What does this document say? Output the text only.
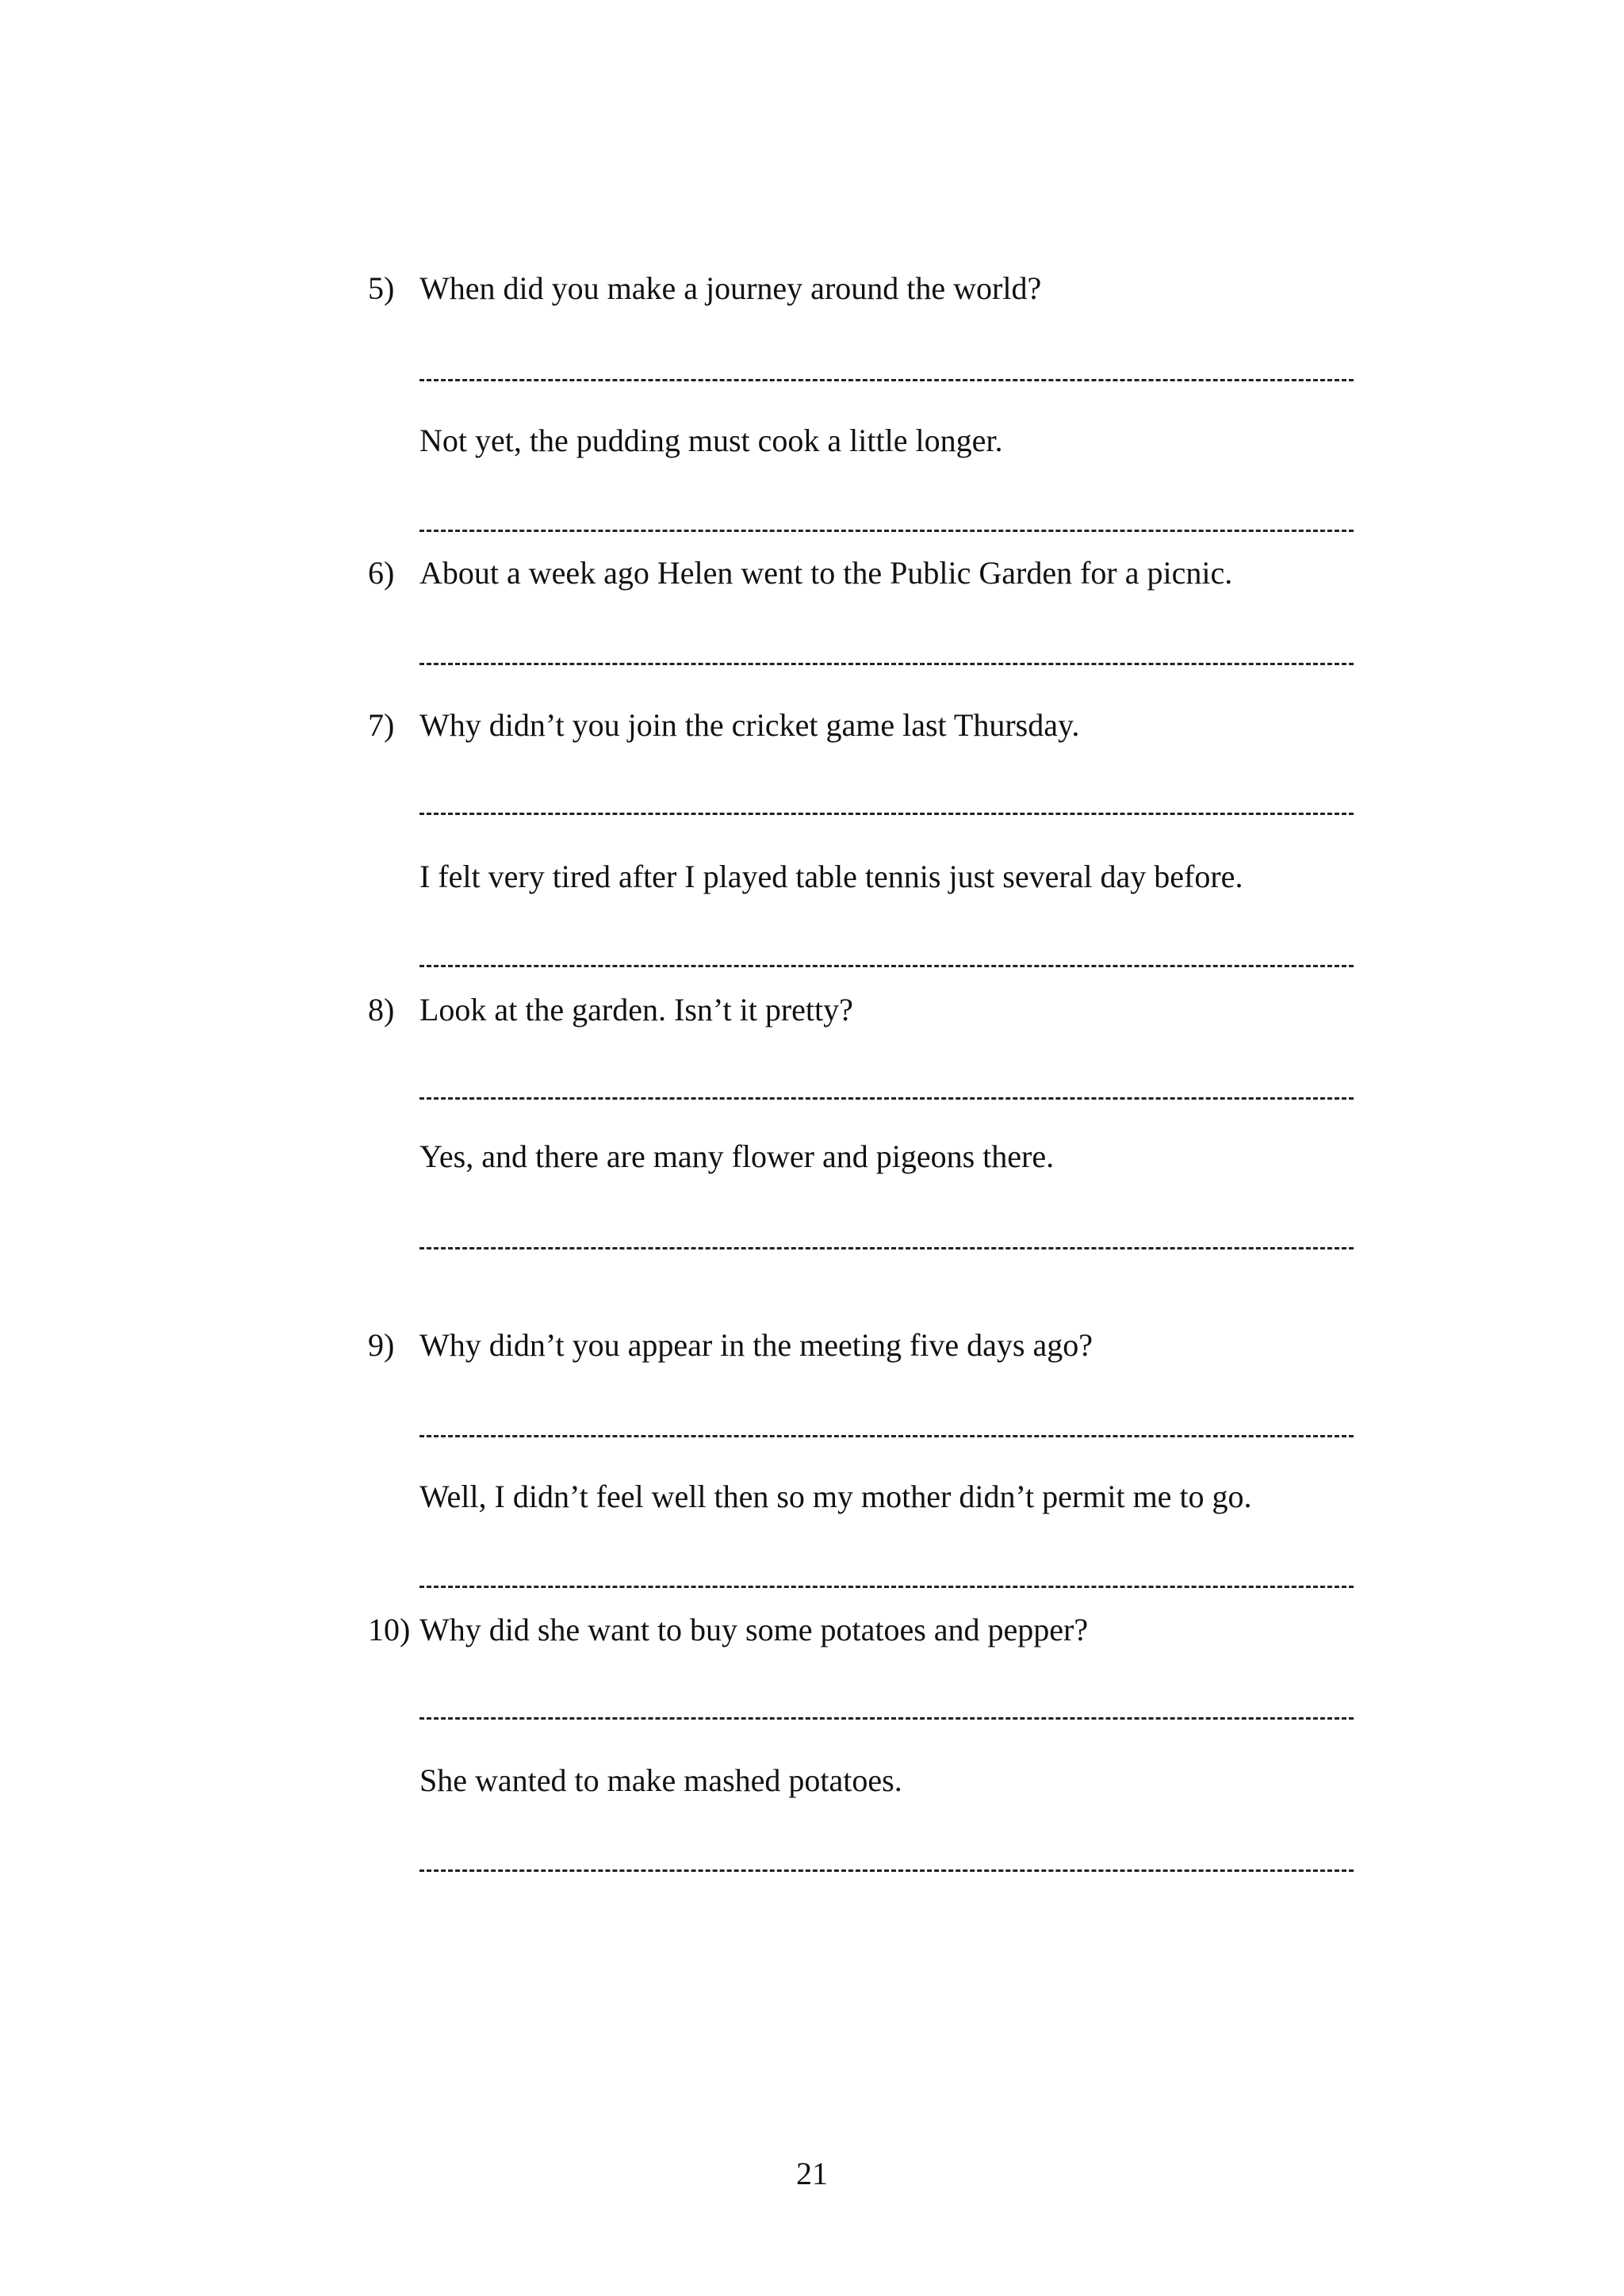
5) When did you make a journey around the world?
Not yet, the pudding must cook a little longer.
6) About a week ago Helen went to the Public Garden for a picnic.
7) Why didn’t you join the cricket game last Thursday.
I felt very tired after I played table tennis just several day before.
8) Look at the garden. Isn’t it pretty?
Yes, and there are many flower and pigeons there.
9) Why didn’t you appear in the meeting five days ago?
Well, I didn’t feel well then so my mother didn’t permit me to go.
10) Why did she want to buy some potatoes and pepper?
She wanted to make mashed potatoes.
21
